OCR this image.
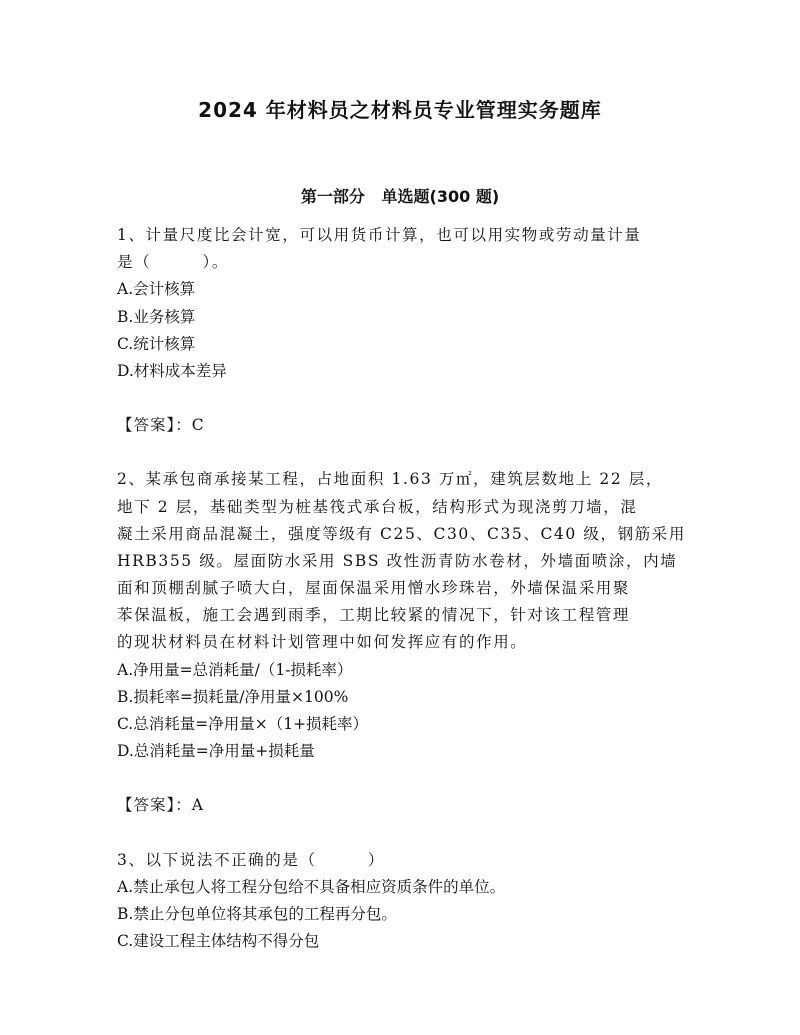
2024 年材料员之材料员专业管理实务题库
第一部分   单选题(300 题)
1、计量尺度比会计宽，可以用货币计算，也可以用实物或劳动量计量
是（　　　）。
A.会计核算
B.业务核算
C.统计核算
D.材料成本差异
【答案】：C
2、某承包商承接某工程，占地面积 1.63 万㎡，建筑层数地上 22 层，
地下 2 层，基础类型为桩基筏式承台板，结构形式为现浇剪刀墙，混
凝土采用商品混凝土，强度等级有 C25、C30、C35、C40 级，钢筋采用
HRB355 级。屋面防水采用 SBS 改性沥青防水卷材，外墙面喷涂，内墙
面和顶棚刮腻子喷大白，屋面保温采用憎水珍珠岩，外墙保温采用聚
苯保温板，施工会遇到雨季，工期比较紧的情况下，针对该工程管理
的现状材料员在材料计划管理中如何发挥应有的作用。
A.净用量=总消耗量/（1-损耗率）
B.损耗率=损耗量/净用量×100%
C.总消耗量=净用量×（1+损耗率）
D.总消耗量=净用量+损耗量
【答案】：A
3、以下说法不正确的是（　　　）
A.禁止承包人将工程分包给不具备相应资质条件的单位。
B.禁止分包单位将其承包的工程再分包。
C.建设工程主体结构不得分包
